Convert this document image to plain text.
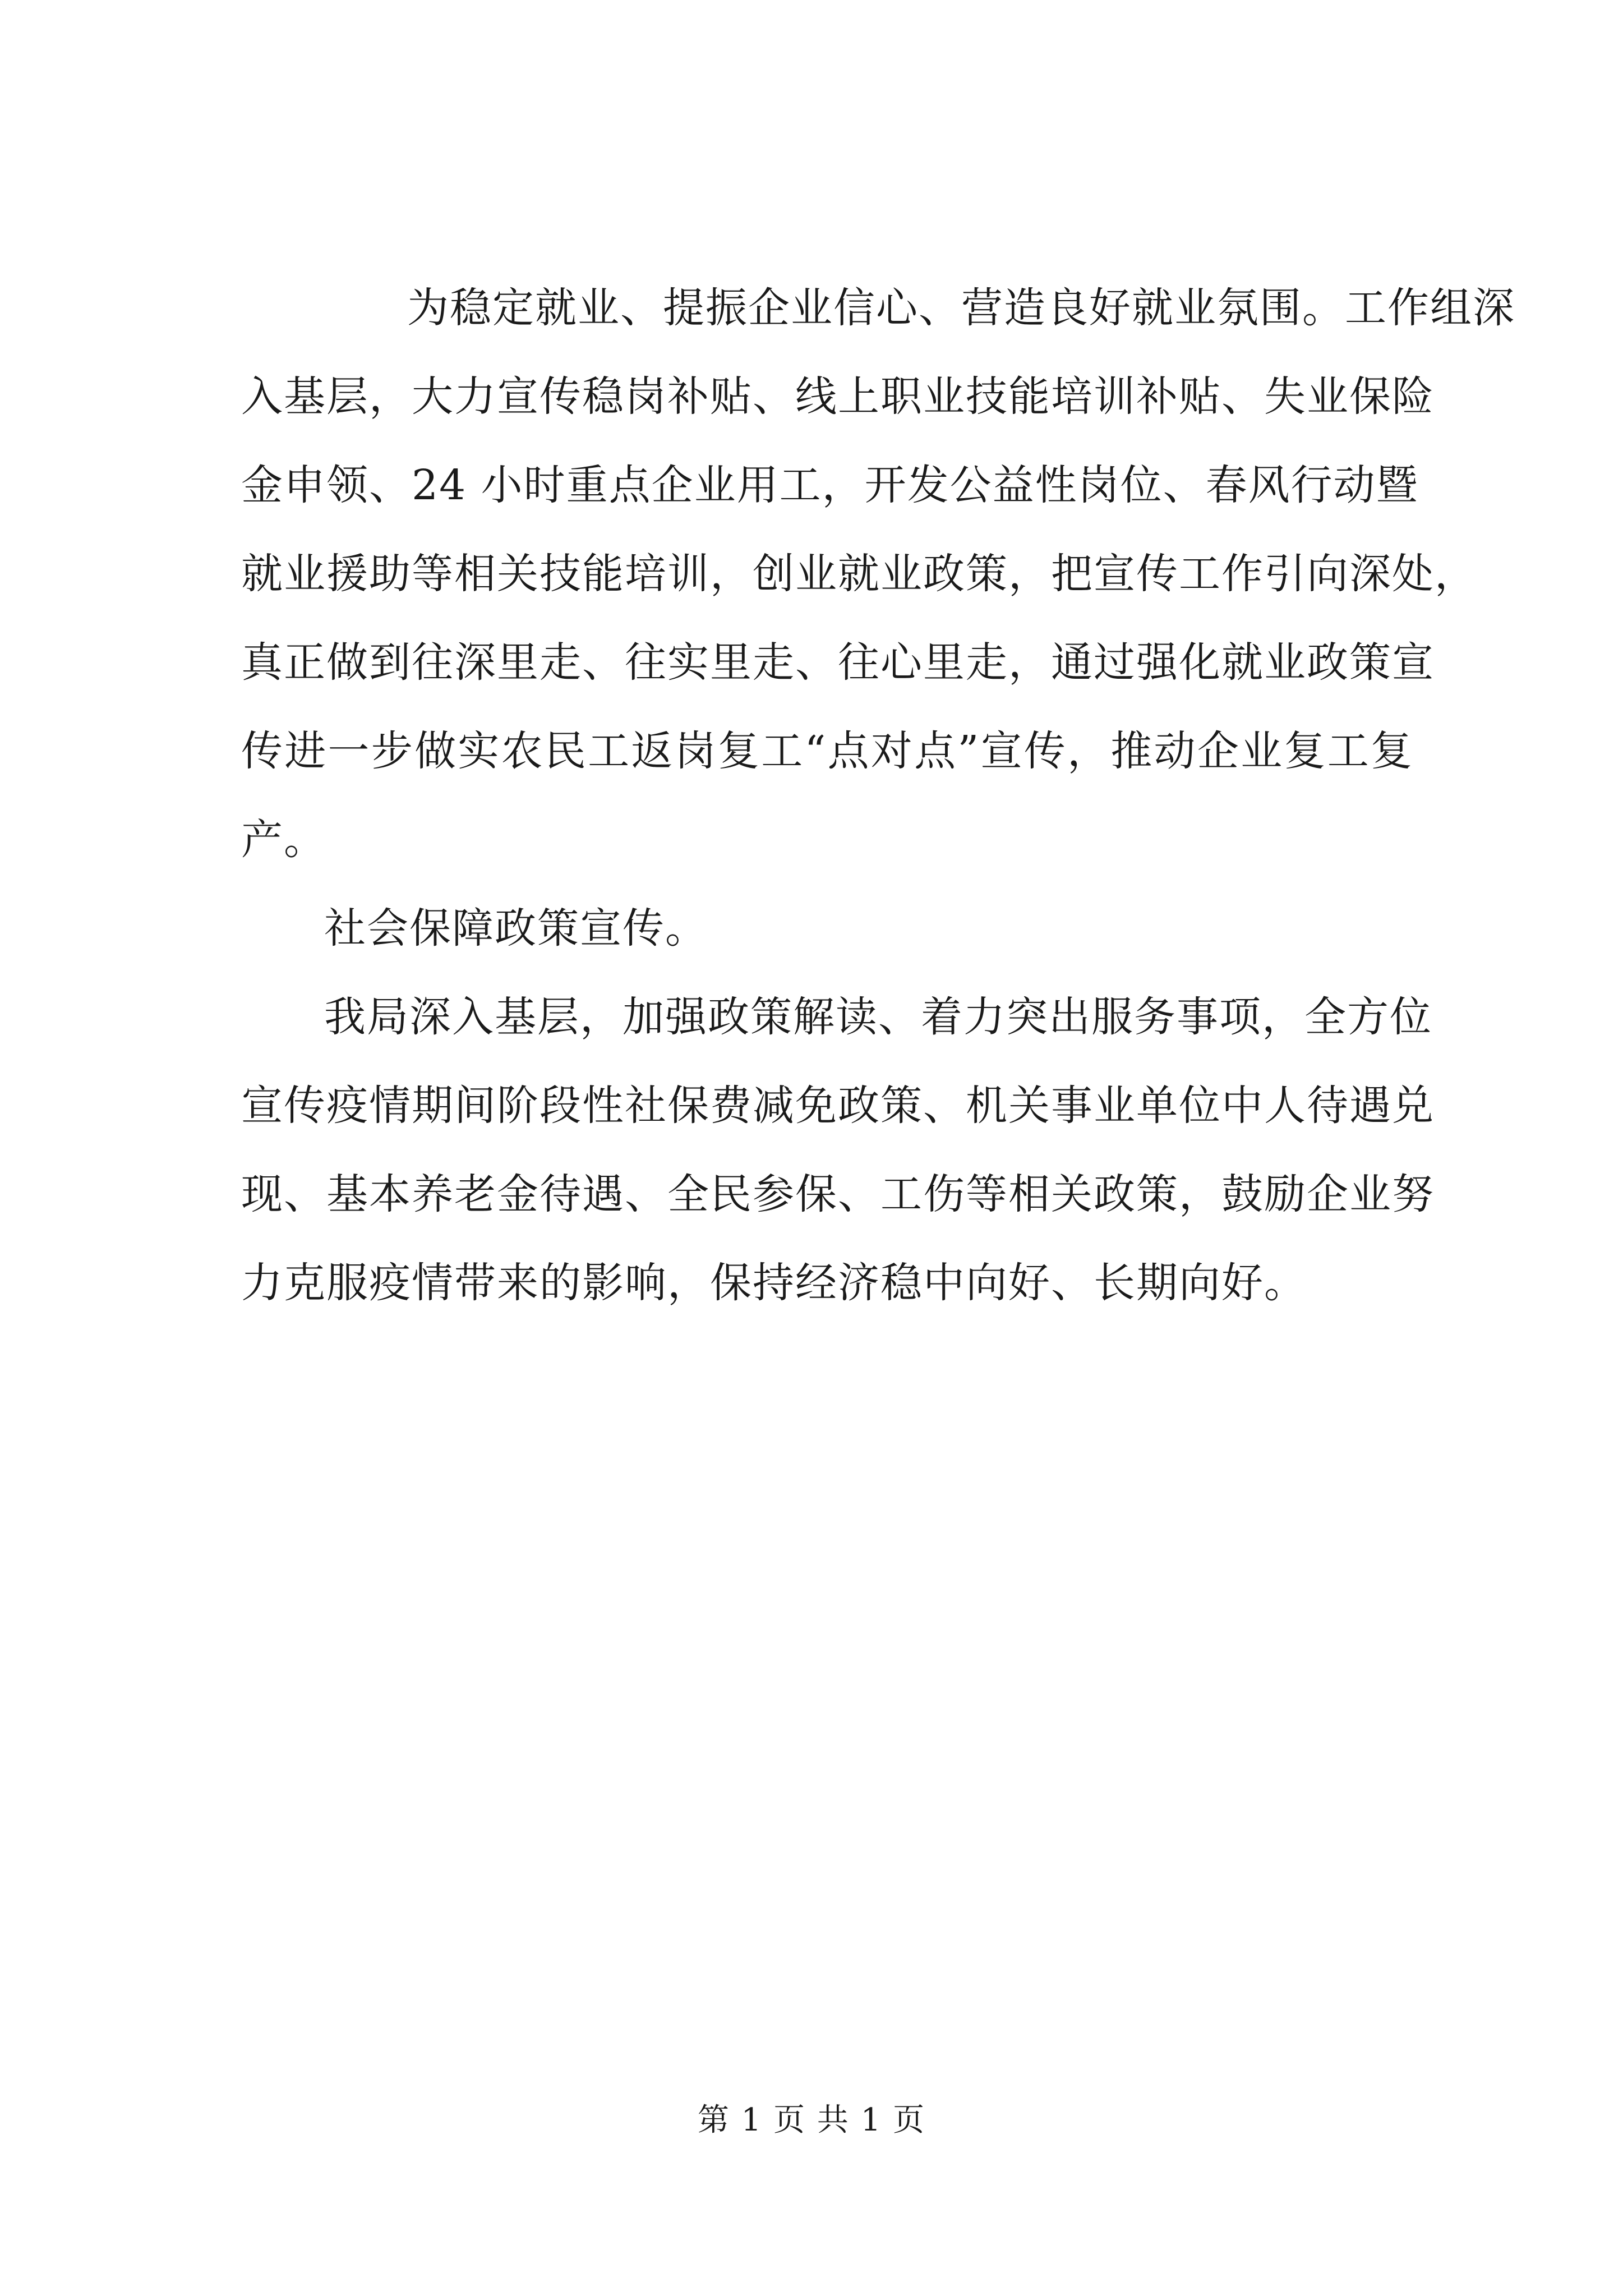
为稳定就业、提振企业信心、营造良好就业氛围。工作组深
入基层，大力宣传稳岗补贴、线上职业技能培训补贴、失业保险
金申领、24 小时重点企业用工，开发公益性岗位、春风行动暨
就业援助等相关技能培训，创业就业政策，把宣传工作引向深处，
真正做到往深里走、往实里走、往心里走，通过强化就业政策宣
传进一步做实农民工返岗复工“点对点”宣传，推动企业复工复
产。
社会保障政策宣传。
我局深入基层，加强政策解读、着力突出服务事项，全方位
宣传疫情期间阶段性社保费减免政策、机关事业单位中人待遇兑
现、基本养老金待遇、全民参保、工伤等相关政策，鼓励企业努
力克服疫情带来的影响，保持经济稳中向好、长期向好。
第 1 页 共 1 页
